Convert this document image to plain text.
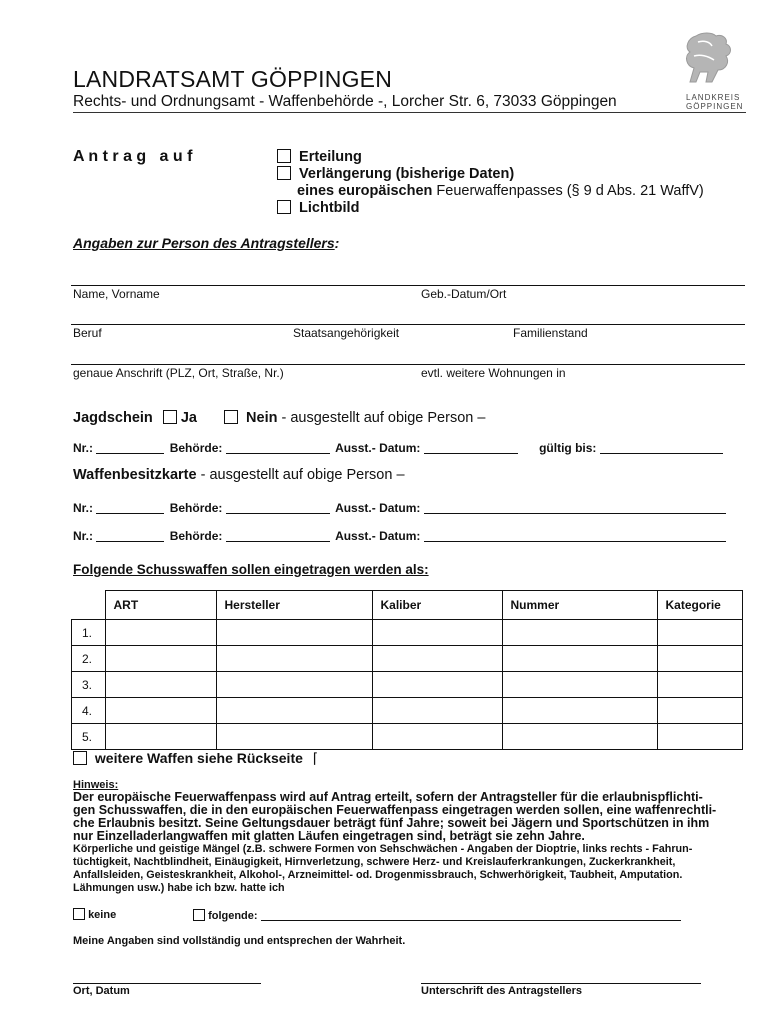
LANDRATSAMT GÖPPINGEN
Rechts- und Ordnungsamt - Waffenbehörde -, Lorcher Str. 6, 73033 Göppingen	LANDKREIS
GÖPPINGEN
A n t r a g   a u f	Erteilung
Verlängerung (bisherige Daten)
eines europäischen Feuerwaffenpasses (§ 9 d Abs. 21 WaffV)
Lichtbild
Angaben zur Person des Antragstellers:
Name, Vorname	Geb.-Datum/Ort
Beruf	Staatsangehörigkeit	Familienstand
genaue Anschrift (PLZ, Ort, Straße, Nr.)	evtl. weitere Wohnungen in
Jagdschein Ja	Nein - ausgestellt auf obige Person –
Nr.:	Behörde:	Ausst.- Datum:	gültig bis:
Waffenbesitzkarte - ausgestellt auf obige Person –
Nr.:	Behörde:	Ausst.- Datum:
Nr.:	Behörde:	Ausst.- Datum:
Folgende Schusswaffen sollen eingetragen werden als:
	ART	Hersteller	Kaliber	Nummer	Kategorie
1.					
2.					
3.					
4.					
5.					
weitere Waffen siehe Rückseite ⌈
Hinweis:

Der europäische Feuerwaffenpass wird auf Antrag erteilt, sofern der Antragsteller für die erlaubnispflichti-

gen Schusswaffen, die in den europäischen Feuerwaffenpass eingetragen werden sollen, eine waffenrechtli-

che Erlaubnis besitzt. Seine Geltungsdauer beträgt fünf Jahre; soweit bei Jägern und Sportschützen in ihm

nur Einzelladerlangwaffen mit glatten Läufen eingetragen sind, beträgt sie zehn Jahre.

Körperliche und geistige Mängel (z.B. schwere Formen von Sehschwächen - Angaben der Dioptrie, links rechts - Fahrun-

tüchtigkeit, Nachtblindheit, Einäugigkeit, Hirnverletzung, schwere Herz- und Kreislauferkrankungen, Zuckerkrankheit,

Anfallsleiden, Geisteskrankheit, Alkohol-, Arzneimittel- od. Drogenmissbrauch, Schwerhörigkeit, Taubheit, Amputation.

Lähmungen usw.) habe ich bzw. hatte ich

keine	folgende:
Meine Angaben sind vollständig und entsprechen der Wahrheit.
Ort, Datum	Unterschrift des Antragstellers
